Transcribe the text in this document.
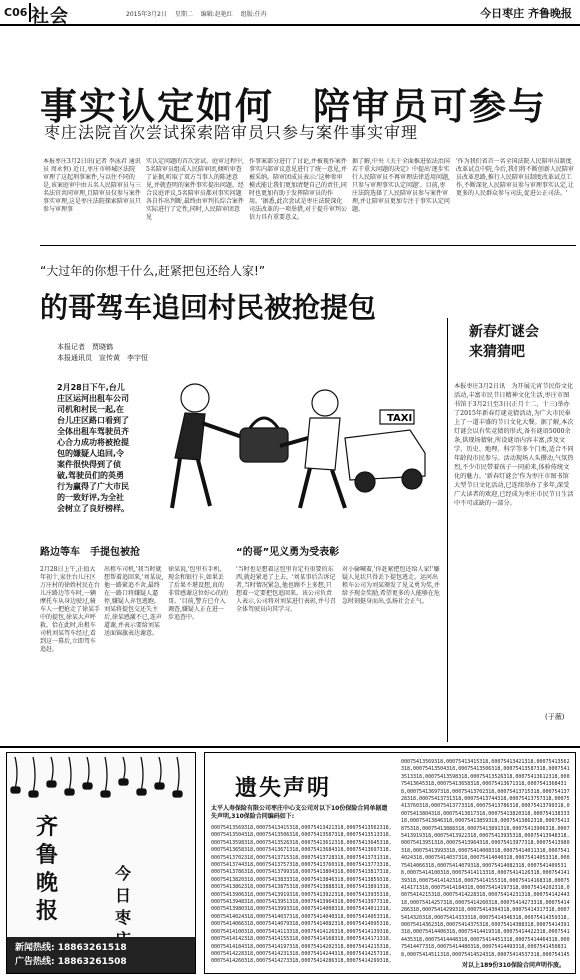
C06 社会	2015年3月2日 星期二 编辑:赵艳红 组版:任冉	今日枣庄 齐鲁晚报
事实认定如何　陪审员可参与
枣庄法院首次尝试探索陪审员只参与案件事实审理
本报枣庄3月2日讯(记者 李泳君 通讯员 周永恒) 近日,枣庄市峄城区法院审理了这起刑事案件,与以往不同的是,该案庭审中由五名人民陪审员与三名法官共同审理,且陪审员仅参与案件事实审理,这是枣庄法院探索陪审员只参与审理事
实认定问题的首次尝试。庭审过程中,5名陪审员组成人民陪审团,倾听审查了证据,听取了双方当事人的陈述意见,并就查明的案件事实提出问题。经合议庭评议,5名陪审员都对事实问题各自作出判断,最终由审判长综合案件实际进行了定性,同时,人民陪审团意见
作事案部分进行了讨论,并被视作案件事实内部审议意见进行了统一意见,并被采纳。陪审团成员表示:'这种参审模式能让我们更加清楚自己的责任,同时也更加有助于发挥陪审员的作用。'据悉,此次尝试是枣庄法院深化司法改革的一项举措,对于提升审判公信力具有重要意义。
据了解,中央《关于全面推进依法治国若干重大问题的决定》中提出'逐步实行人民陪审员不再审理法律适用问题,只参与审理事实认定问题'。目前,枣庄法院选择了人民陪审员参与案件审理,并让陪审员更加专注于事实认定问题。
'作为我们省首一名全国法院人民陪审员制度改革试点中院,今后,我们将不断创新人民陪审员改革思路,推行人民陪审员制度改革试点工作,不断深化人民陪审员参与审理事实认定,让更多的人民群众参与司法,促进公正司法。'
“大过年的你想干什么,赶紧把包还给人家!”
的哥驾车追回村民被抢提包
本报记者　贾晓鹤
本报通讯员　宣传黄　李宇恒
2月28日下午,台儿庄区运河出租车公司司机和村民一起,在台儿庄区路口看到了全体出租车驾驶员齐心合力成功将被抢提包的嫌疑人追回,令案件很快得到了侦破,驾驶员们的英勇行为赢得了广大市民的一致好评,为全社会树立了良好榜样。
TAXI
新春灯谜会
来猜猜吧
本报枣庄3月2日讯　为开展元宵节民俗文化活动,丰富市民节日精神文化生活,枣庄市图书馆于3月2日至3日(正月十二、十三)举办了2015年新春灯谜竞猜活动,为广大市民奉上了一道丰盛的节日文化大餐。据了解,本次灯谜会以有奖竞猜的形式,备有谜语5000余条,供现场猜射,所设谜语内容丰富,涉及文学、历史、地理、科学等多个门类,适合不同年龄段市民参与。活动现场人头攒动,气氛热烈,不少市民带着孩子一同前来,体验传统文化的魅力。'新春灯谜会'作为枣庄市图书馆大型节日文化活动,已连续举办了多年,深受广大读者的欢迎,已经成为枣庄市民节日生活中不可或缺的一部分。
(于薇)
路边等车　手提包被抢	“的哥”见义勇为受表彰
2月28日上午,正值大年初十,家住台儿庄区万庄村的徐姓村民在台儿庄路边等车时,一辆摩托车从身边驶过,骑车人一把抢走了徐某手中的提包,徐某大声呼救。恰在此时,出租车司机刘某驾车经过,看到这一幕后,立即驾车追赶。
出租车司机,'我当时就想帮着追回来,'刘某说,他一路紧追不舍,最终在一路口将嫌疑人逼停,嫌疑人弃包逃跑。刘某将提包交还失主后,徐某感激不已,连声道谢,并表示要给刘某送面锦旗表达谢意。
徐某说,'包里有手机、现金和银行卡,如果丢了后果不堪设想,真的非常感谢这位好心的的哥。'目前,警方已介入调查,嫌疑人正在进一步追查中。
'当时也是想着这包里肯定有重要的东西,就赶紧追了上去。'刘某事后告诉记者,当时情况紧急,他也顾不上多想,只想着一定要把包追回来。该公司负责人表示,公司将对刘某进行表彰,并号召全体驾驶员向其学习。
对小偷喊着,'你赶紧把包还给人家!'嫌疑人见状只得丢下提包逃走。运河出租车公司为刘某颁发了见义勇为奖,并给予现金奖励,希望更多的人能够在危急时刻挺身而出,弘扬社会正气。
齐鲁晚报
今日枣
新闻热线: 18863261518
广告热线: 18863261508
遗失声明
太平人寿保险有限公司枣庄中心支公司对以下10份保险合同单据遗失声明,310保险合同编码如下:
00075413569318,00075413415318,00075413421318,00075413562318,00075413504318,00075413506318,00075413587318,00075413513318,00075413598318,00075413526318,00075413612318,00075413645318,00075413658318,00075413671318,00075413684318,00075413697318,00075413702318,00075413715318,00075413728318,00075413731318,00075413744318,00075413757318,00075413760318,00075413773318,00075413786318,00075413799318,00075413804318,00075413817318,00075413820318,00075413833318,00075413846318,00075413859318,00075413862318,00075413875318,00075413888318,00075413891318,00075413906318,00075413919318,00075413922318,00075413935318,00075413948318,00075413951318,00075413964318,00075413977318,00075413980318,00075413993318,00075414008318,00075414011318,00075414024318,00075414037318,00075414040318,00075414053318,00075414066318,00075414079318,00075414082318,00075414095318,00075414100318,00075414113318,00075414126318,00075414139318,00075414142318,00075414155318,00075414168318,00075414171318,00075414184318,00075414197318,00075414202318,00075414215318,00075414228318,00075414231318,00075414244318,00075414257318,00075414260318,00075414273318,00075414286318,00075414299318,
00075413569318,00075413415318,00075413421318,00075413562318,00075413504318,00075413506318,00075413587318,00075413513318,00075413598318,00075413526318,00075413612318,00075413645318,00075413658318,00075413671318,00075413684318,00075413697318,00075413702318,00075413715318,00075413728318,00075413731318,00075413744318,00075413757318,00075413760318,00075413773318,00075413786318,00075413799318,00075413804318,00075413817318,00075413820318,00075413833318,00075413846318,00075413859318,00075413862318,00075413875318,00075413888318,00075413891318,00075413906318,00075413919318,00075413922318,00075413935318,00075413948318,00075413951318,00075413964318,00075413977318,00075413980318,00075413993318,00075414008318,00075414011318,00075414024318,00075414037318,00075414040318,00075414053318,00075414066318,00075414079318,00075414082318,00075414095318,00075414100318,00075414113318,00075414126318,00075414139318,00075414142318,00075414155318,00075414168318,00075414171318,00075414184318,00075414197318,00075414202318,00075414215318,00075414228318,00075414231318,00075414244318,00075414257318,00075414260318,00075414273318,00075414286318,00075414299318,00075414304318,00075414317318,00075414320318,00075414333318,00075414346318,00075414359318,00075414362318,00075414375318,00075414388318,00075414391318,00075414406318,00075414419318,00075414422318,00075414435318,00075414448318,00075414451318,00075414464318,00075414477318,00075414480318,00075414493318,00075414508318,00075414511318,00075414524318,00075414537318,000754145
对以上189份310保险合同声明作废。
